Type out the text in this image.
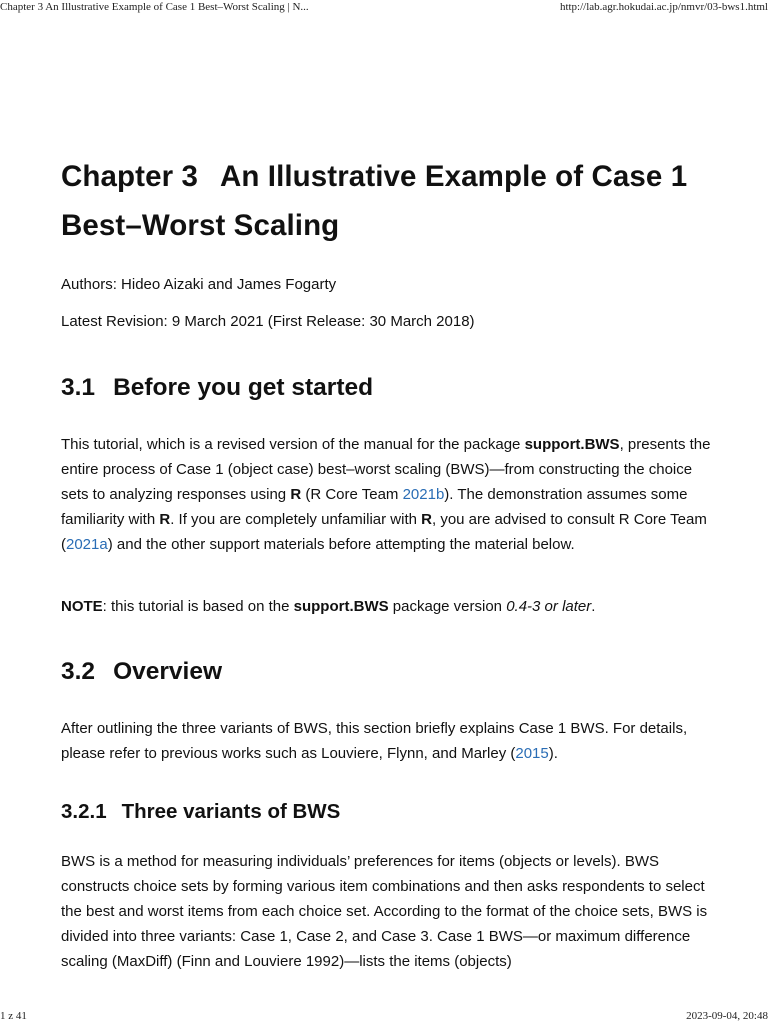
Chapter 3 An Illustrative Example of Case 1 Best–Worst Scaling | N...	http://lab.agr.hokudai.ac.jp/nmvr/03-bws1.html
Chapter 3 An Illustrative Example of Case 1 Best–Worst Scaling

Authors: Hideo Aizaki and James Fogarty

Latest Revision: 9 March 2021 (First Release: 30 March 2018)

3.1 Before you get started

This tutorial, which is a revised version of the manual for the package support.BWS, presents the entire process of Case 1 (object case) best–worst scaling (BWS)—from constructing the choice sets to analyzing responses using R (R Core Team 2021b). The demonstration assumes some familiarity with R. If you are completely unfamiliar with R, you are advised to consult R Core Team (2021a) and the other support materials before attempting the material below.

NOTE: this tutorial is based on the support.BWS package version 0.4-3 or later.

3.2 Overview

After outlining the three variants of BWS, this section briefly explains Case 1 BWS. For details, please refer to previous works such as Louviere, Flynn, and Marley (2015).

3.2.1 Three variants of BWS

BWS is a method for measuring individuals’ preferences for items (objects or levels). BWS constructs choice sets by forming various item combinations and then asks respondents to select the best and worst items from each choice set. According to the format of the choice sets, BWS is divided into three variants: Case 1, Case 2, and Case 3. Case 1 BWS—or maximum difference scaling (MaxDiff) (Finn and Louviere 1992)—lists the items (objects)

1 z 41	2023-09-04, 20:48
